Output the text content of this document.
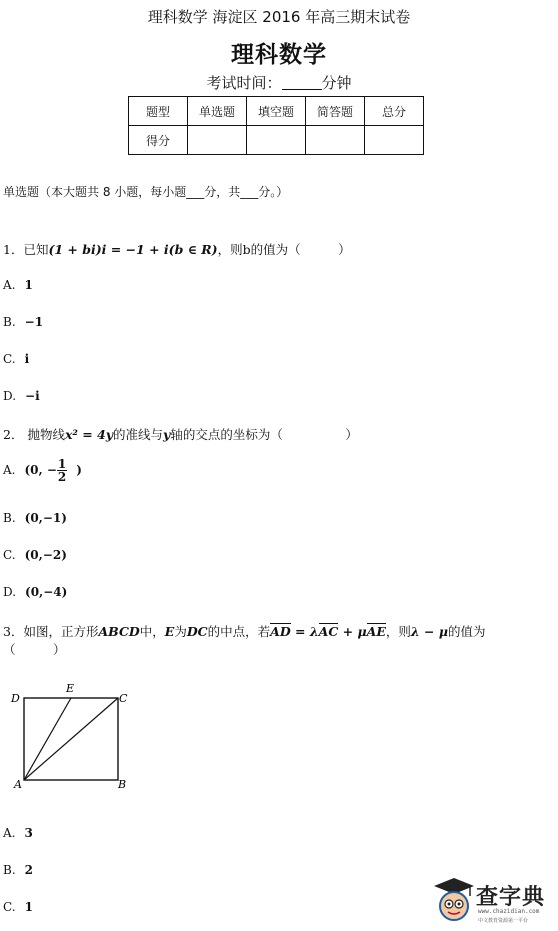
理科数学 海淀区 2016 年高三期末试卷
理科数学
考试时间：	分钟
题型	单选题	填空题	简答题	总分
得分				
单选题（本大题共 8 小题，每小题___分，共___分。）
1．已知(1 + bi)i = −1 + i(b ∈ R)，则b的值为（　　　）
A. 1
B. −1
C. i
D. −i
2． 抛物线x² = 4y的准线与y轴的交点的坐标为（　　　　　）
A. (0, − $\frac{1}{2}$ )
B. (0,−1)
C. (0,−2)
D. (0,−4)
3．如图，正方形ABCD中，E为DC的中点，若AD = λAC + μAE，则λ − μ的值为
（　　　）
D
E
C
A	B
A. 3
B. 2
C. 1	查字典
www.chazidian.com
中文教育资源第一平台
